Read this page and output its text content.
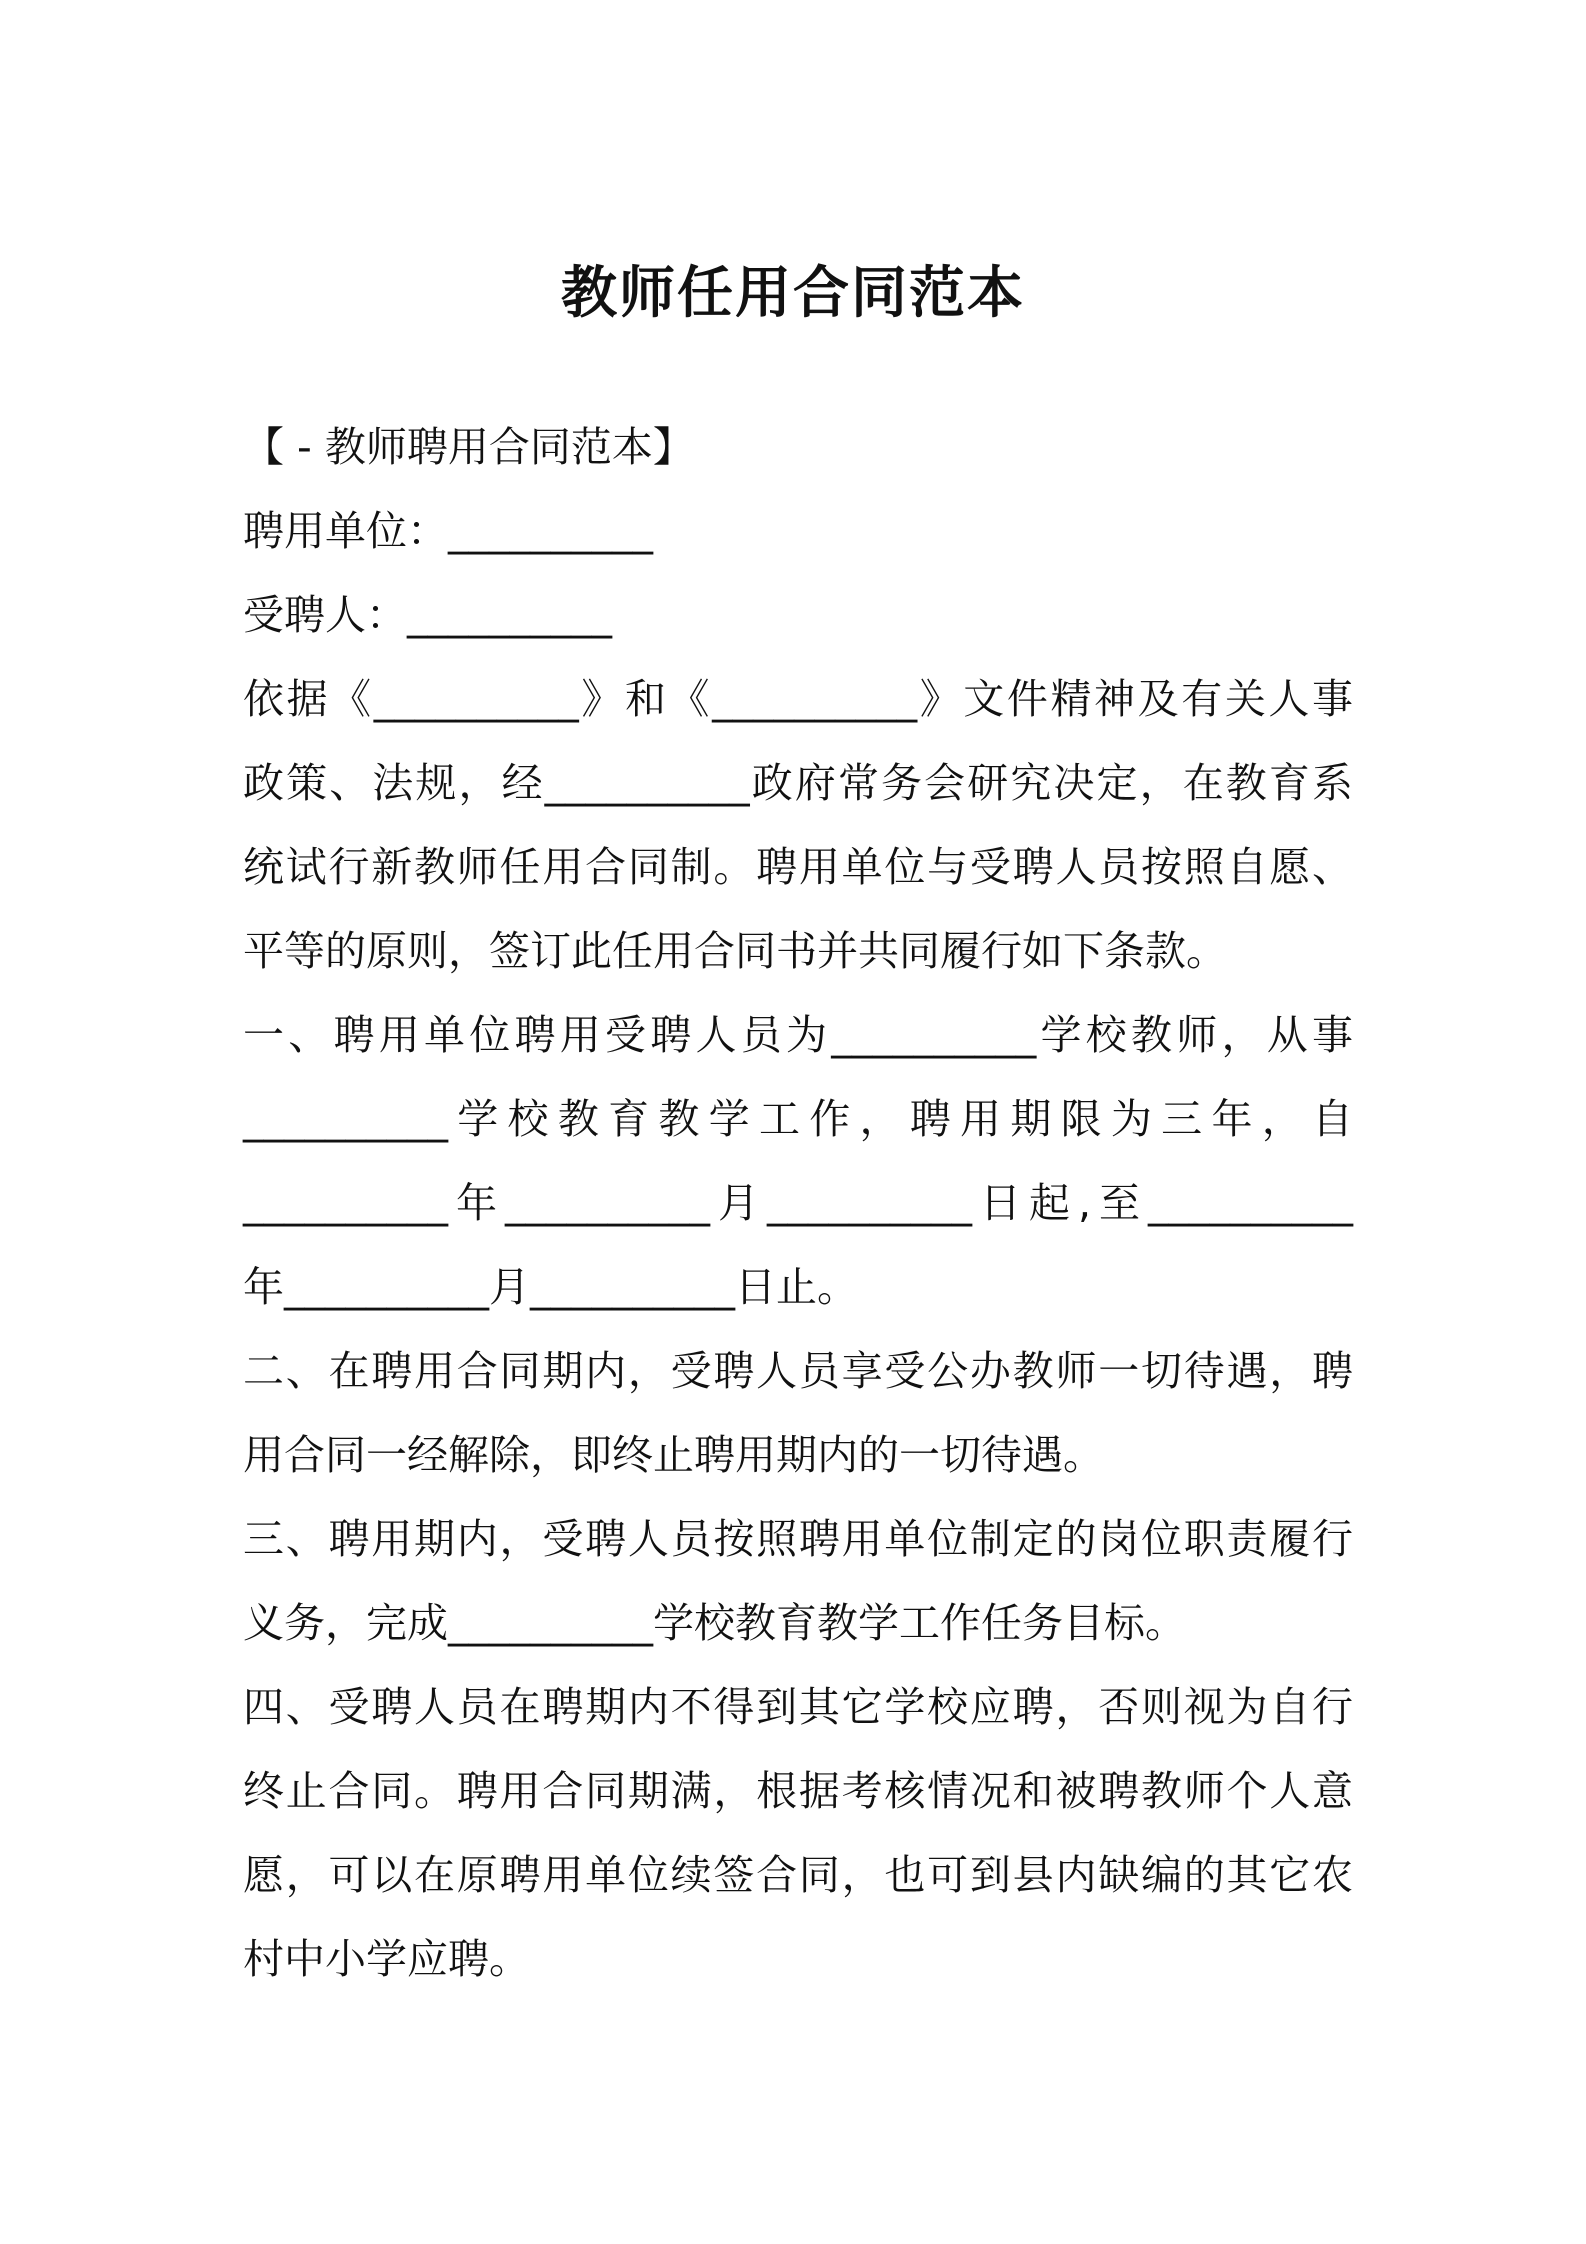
教师任用合同范本
【 - 教师聘用合同范本】
聘用单位：__________
受聘人：__________
依据《__________》和《__________》文件精神及有关人事
政策、法规，经__________政府常务会研究决定，在教育系
统试行新教师任用合同制。聘用单位与受聘人员按照自愿、
平等的原则，签订此任用合同书并共同履行如下条款。
一、聘用单位聘用受聘人员为__________学校教师，从事
__________学校教育教学工作，聘用期限为三年，自
__________年__________月__________日起,至__________
年__________月__________日止。
二、在聘用合同期内，受聘人员享受公办教师一切待遇，聘
用合同一经解除，即终止聘用期内的一切待遇。
三、聘用期内，受聘人员按照聘用单位制定的岗位职责履行
义务，完成__________学校教育教学工作任务目标。
四、受聘人员在聘期内不得到其它学校应聘，否则视为自行
终止合同。聘用合同期满，根据考核情况和被聘教师个人意
愿，可以在原聘用单位续签合同，也可到县内缺编的其它农
村中小学应聘。
